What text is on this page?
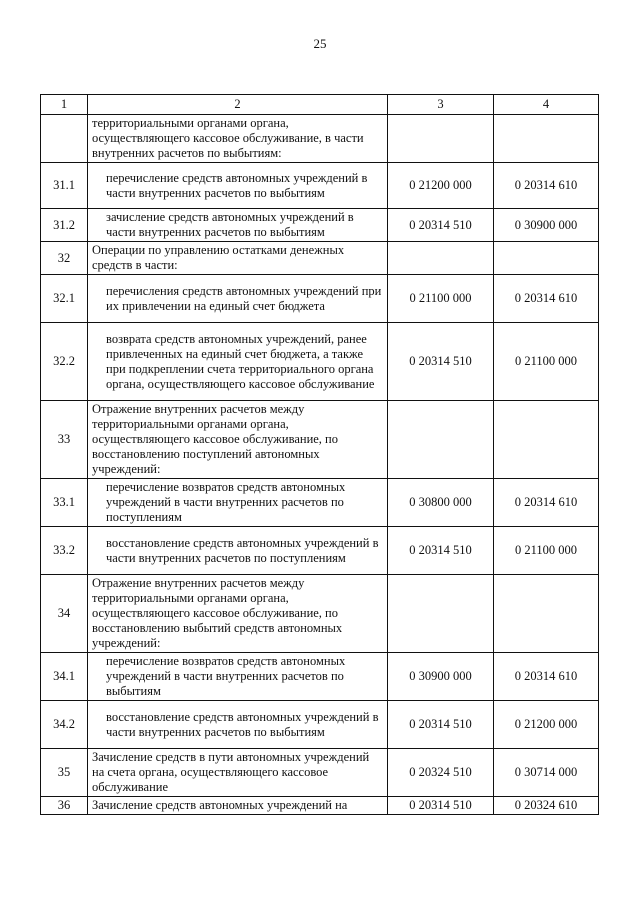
25
1	2	3	4
	территориальными органами органа, осуществляющего кассовое обслуживание, в части внутренних расчетов по выбытиям:		
31.1	перечисление средств автономных учреждений в части внутренних расчетов по выбытиям	0 21200 000	0 20314 610
31.2	зачисление средств автономных учреждений в части внутренних расчетов по выбытиям	0 20314 510	0 30900 000
32	Операции по управлению остатками денежных средств в части:		
32.1	перечисления средств автономных учреждений при их привлечении на единый счет бюджета	0 21100 000	0 20314 610
32.2	возврата средств автономных учреждений, ранее привлеченных на единый счет бюджета, а также при подкреплении счета территориального органа органа, осуществляющего кассовое обслуживание	0 20314 510	0 21100 000
33	Отражение внутренних расчетов между территориальными органами органа, осуществляющего кассовое обслуживание, по восстановлению поступлений автономных учреждений:		
33.1	перечисление возвратов средств автономных учреждений в части внутренних расчетов по поступлениям	0 30800 000	0 20314 610
33.2	восстановление средств автономных учреждений в части внутренних расчетов по поступлениям	0 20314 510	0 21100 000
34	Отражение внутренних расчетов между территориальными органами органа, осуществляющего кассовое обслуживание, по восстановлению выбытий средств автономных учреждений:		
34.1	перечисление возвратов средств автономных учреждений в части внутренних расчетов по выбытиям	0 30900 000	0 20314 610
34.2	восстановление средств автономных учреждений в части внутренних расчетов по выбытиям	0 20314 510	0 21200 000
35	Зачисление средств в пути автономных учреждений на счета органа, осуществляющего кассовое обслуживание	0 20324 510	0 30714 000
36	Зачисление средств автономных учреждений на	0 20314 510	0 20324 610
